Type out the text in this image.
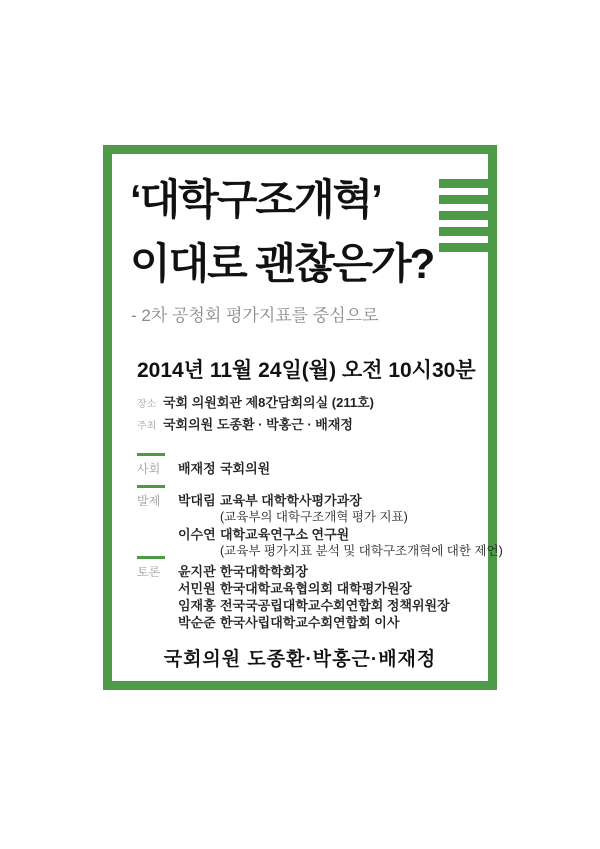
‘대학구조개혁’
이대로 괜찮은가?
- 2차 공청회 평가지표를 중심으로
2014년 11월 24일(월) 오전 10시30분
장소 국회 의원회관 제8간담회의실 (211호)
주최 국회의원 도종환 · 박홍근 · 배재정
사회 배재정 국회의원
발제 박대림 교육부 대학학사평가과장
(교육부의 대학구조개혁 평가 지표)
이수연 대학교육연구소 연구원
(교육부 평가지표 분석 및 대학구조개혁에 대한 제언)
토론 윤지관 한국대학학회장
서민원 한국대학교육협의회 대학평가원장
임재홍 전국국공립대학교수회연합회 정책위원장
박순준 한국사립대학교수회연합회 이사
국회의원 도종환·박홍근·배재정
